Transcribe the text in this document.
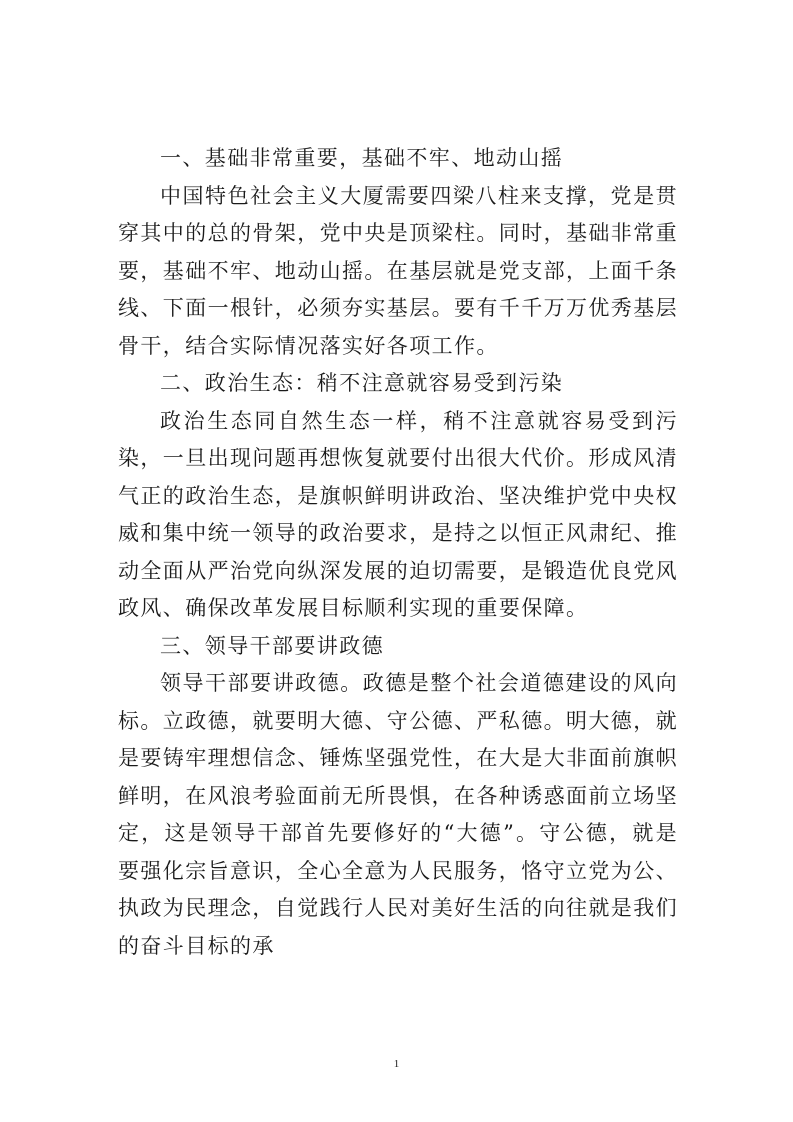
一、基础非常重要，基础不牢、地动山摇

中国特色社会主义大厦需要四梁八柱来支撑，党是贯穿其中的总的骨架，党中央是顶梁柱。同时，基础非常重要，基础不牢、地动山摇。在基层就是党支部，上面千条线、下面一根针，必须夯实基层。要有千千万万优秀基层骨干，结合实际情况落实好各项工作。

二、政治生态：稍不注意就容易受到污染

政治生态同自然生态一样，稍不注意就容易受到污染，一旦出现问题再想恢复就要付出很大代价。形成风清气正的政治生态，是旗帜鲜明讲政治、坚决维护党中央权威和集中统一领导的政治要求，是持之以恒正风肃纪、推动全面从严治党向纵深发展的迫切需要，是锻造优良党风政风、确保改革发展目标顺利实现的重要保障。

三、领导干部要讲政德

领导干部要讲政德。政德是整个社会道德建设的风向标。立政德，就要明大德、守公德、严私德。明大德，就是要铸牢理想信念、锤炼坚强党性，在大是大非面前旗帜鲜明，在风浪考验面前无所畏惧，在各种诱惑面前立场坚定，这是领导干部首先要修好的“大德”。守公德，就是要强化宗旨意识，全心全意为人民服务，恪守立党为公、执政为民理念，自觉践行人民对美好生活的向往就是我们的奋斗目标的承

1
